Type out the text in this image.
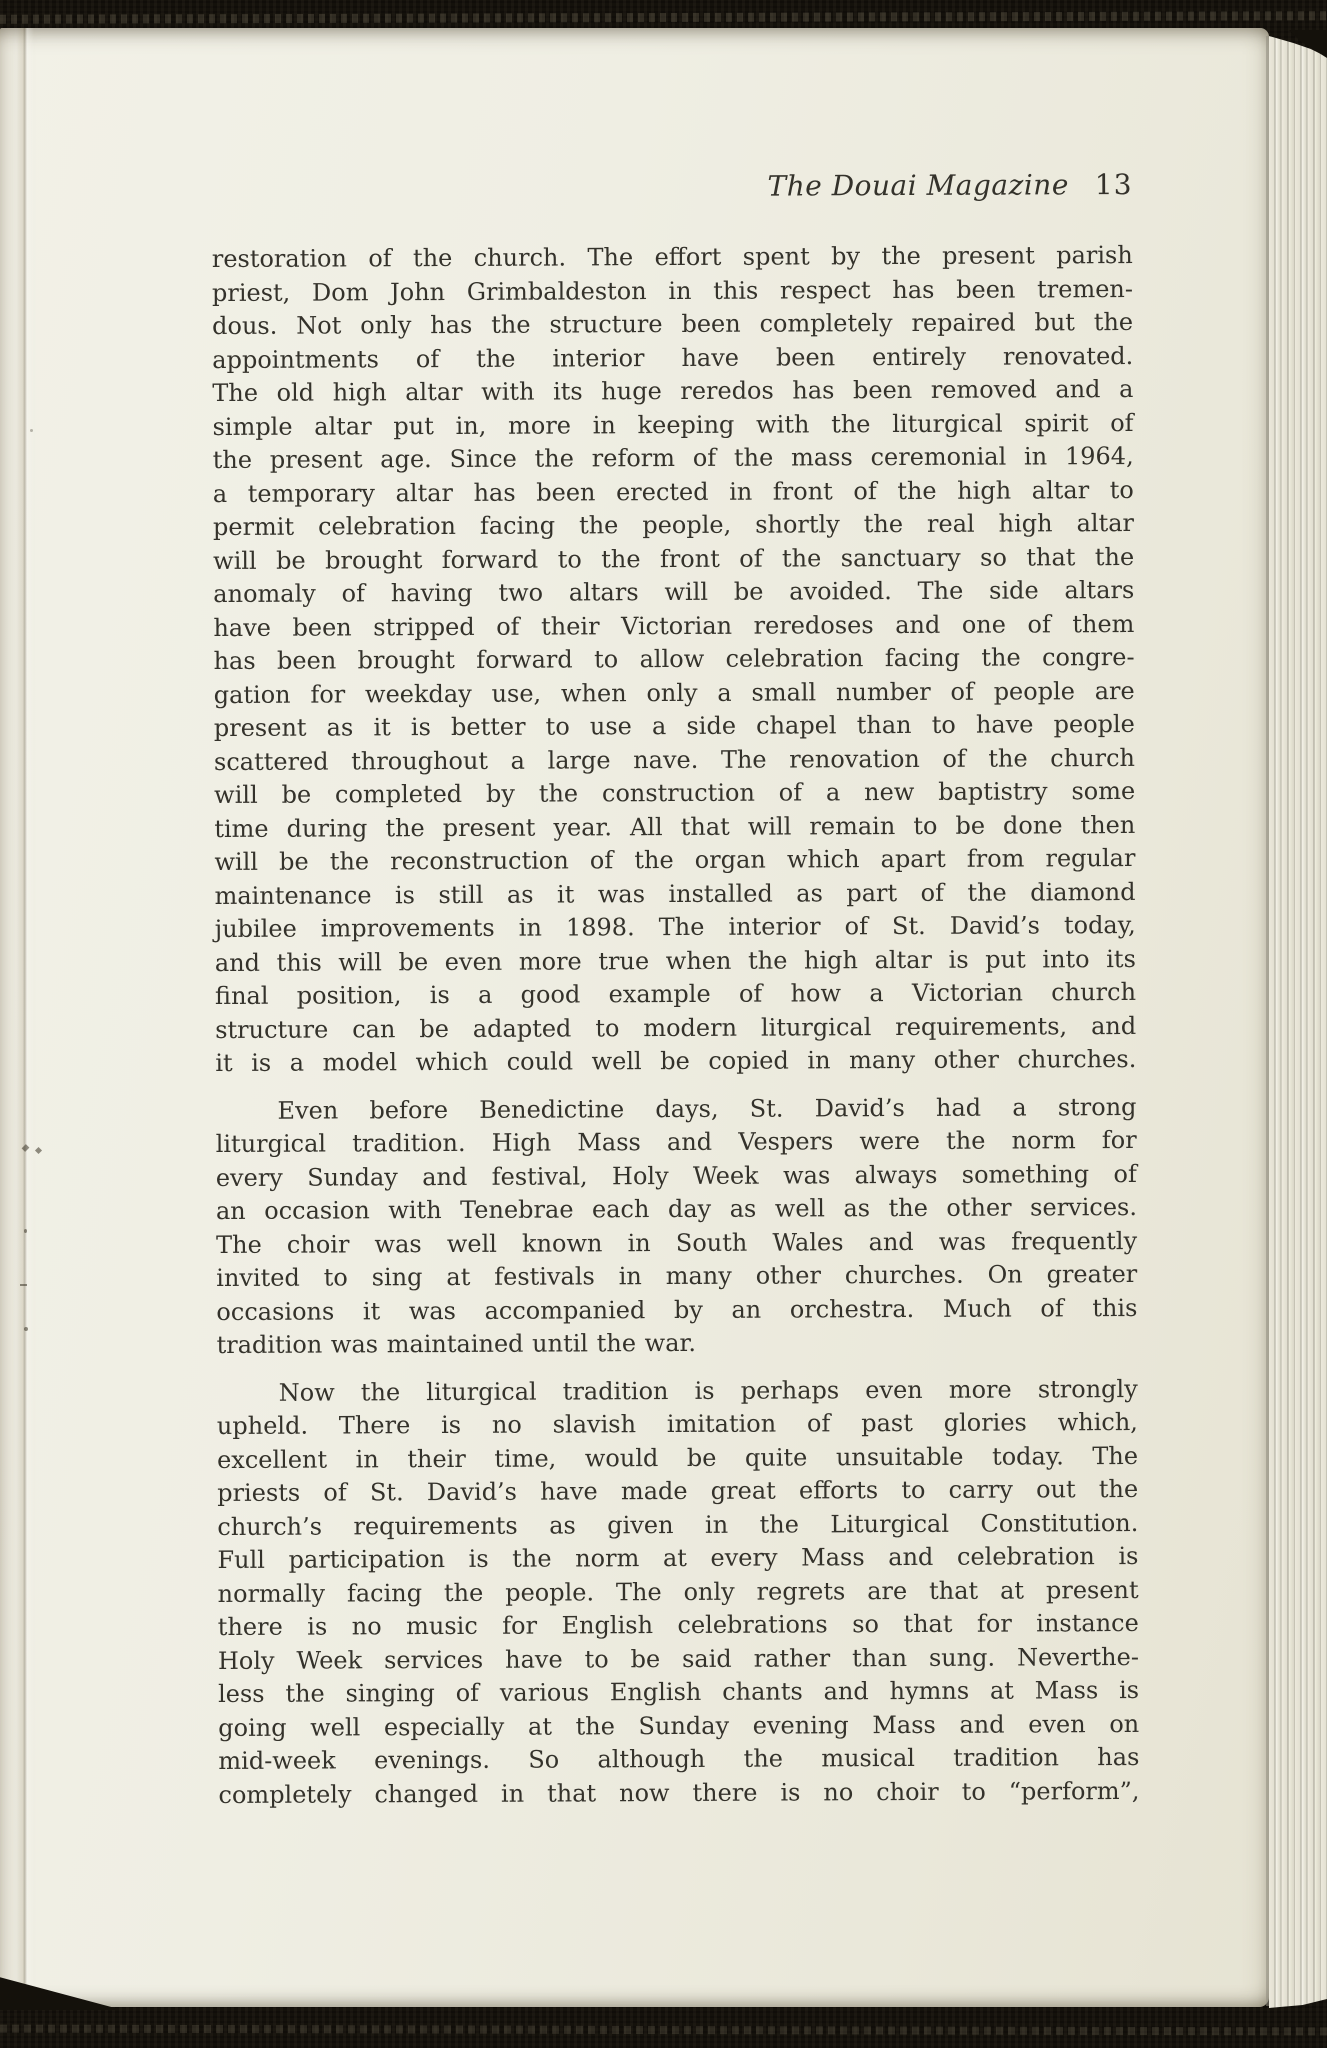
The Douai Magazine 13
restoration of the church. The effort spent by the present parish
priest, Dom John Grimbaldeston in this respect has been tremen-
dous. Not only has the structure been completely repaired but the
appointments of the interior have been entirely renovated.
The old high altar with its huge reredos has been removed and a
simple altar put in, more in keeping with the liturgical spirit of
the present age. Since the reform of the mass ceremonial in 1964,
a temporary altar has been erected in front of the high altar to
permit celebration facing the people, shortly the real high altar
will be brought forward to the front of the sanctuary so that the
anomaly of having two altars will be avoided. The side altars
have been stripped of their Victorian reredoses and one of them
has been brought forward to allow celebration facing the congre-
gation for weekday use, when only a small number of people are
present as it is better to use a side chapel than to have people
scattered throughout a large nave. The renovation of the church
will be completed by the construction of a new baptistry some
time during the present year. All that will remain to be done then
will be the reconstruction of the organ which apart from regular
maintenance is still as it was installed as part of the diamond
jubilee improvements in 1898. The interior of St. David’s today,
and this will be even more true when the high altar is put into its
final position, is a good example of how a Victorian church
structure can be adapted to modern liturgical requirements, and
it is a model which could well be copied in many other churches.
Even before Benedictine days, St. David’s had a strong
liturgical tradition. High Mass and Vespers were the norm for
every Sunday and festival, Holy Week was always something of
an occasion with Tenebrae each day as well as the other services.
The choir was well known in South Wales and was frequently
invited to sing at festivals in many other churches. On greater
occasions it was accompanied by an orchestra. Much of this
tradition was maintained until the war.
Now the liturgical tradition is perhaps even more strongly
upheld. There is no slavish imitation of past glories which,
excellent in their time, would be quite unsuitable today. The
priests of St. David’s have made great efforts to carry out the
church’s requirements as given in the Liturgical Constitution.
Full participation is the norm at every Mass and celebration is
normally facing the people. The only regrets are that at present
there is no music for English celebrations so that for instance
Holy Week services have to be said rather than sung. Neverthe-
less the singing of various English chants and hymns at Mass is
going well especially at the Sunday evening Mass and even on
mid-week evenings. So although the musical tradition has
completely changed in that now there is no choir to “perform”,
